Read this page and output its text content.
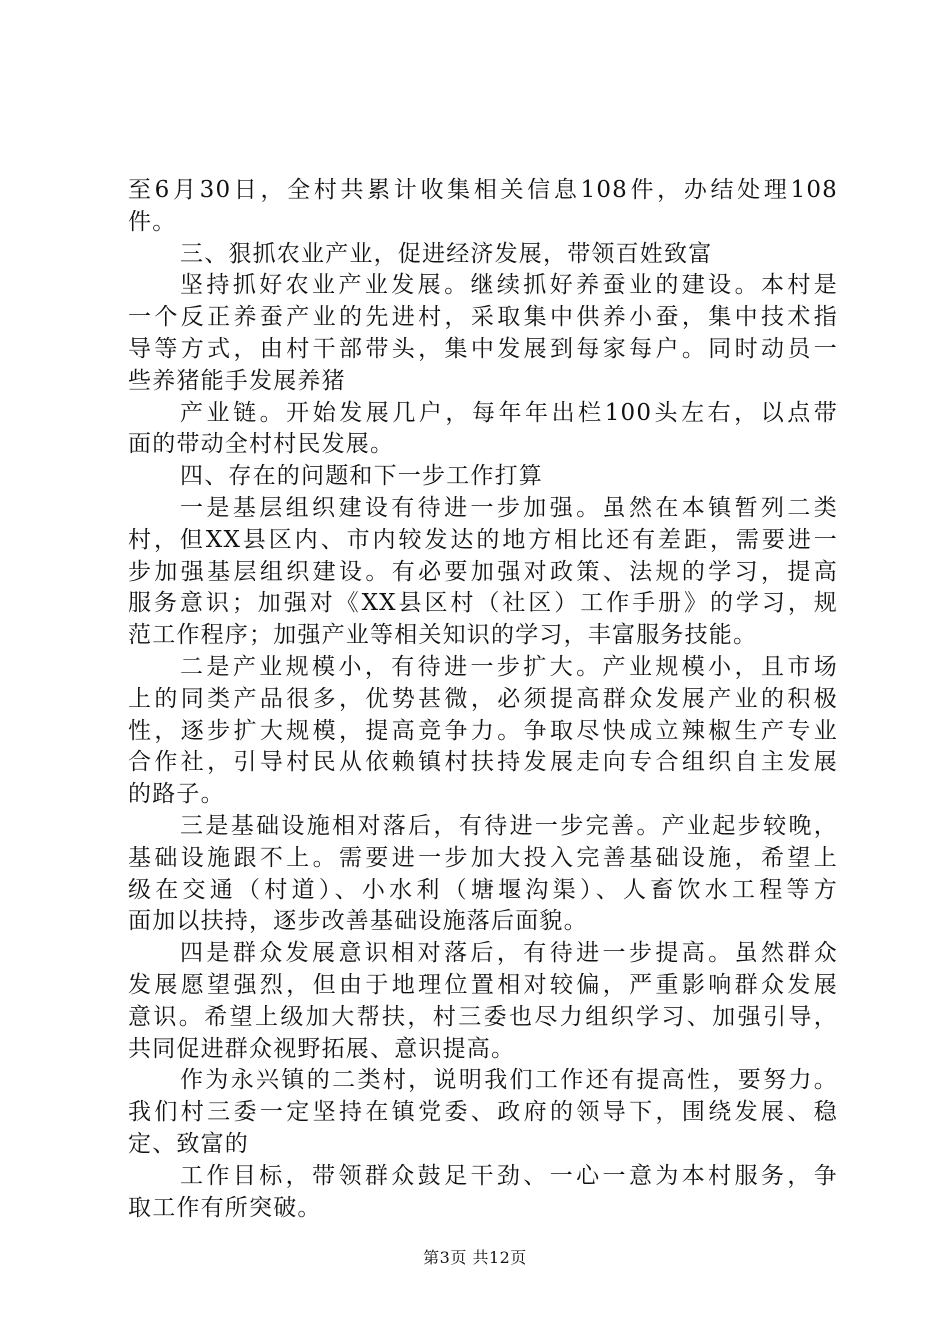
至6月30日，全村共累计收集相关信息108件，办结处理108
件。
三、狠抓农业产业，促进经济发展，带领百姓致富
坚持抓好农业产业发展。继续抓好养蚕业的建设。本村是
一个反正养蚕产业的先进村，采取集中供养小蚕，集中技术指
导等方式，由村干部带头，集中发展到每家每户。同时动员一
些养猪能手发展养猪
产业链。开始发展几户，每年年出栏100头左右，以点带
面的带动全村村民发展。
四、存在的问题和下一步工作打算
一是基层组织建设有待进一步加强。虽然在本镇暂列二类
村，但XX县区内、市内较发达的地方相比还有差距，需要进一
步加强基层组织建设。有必要加强对政策、法规的学习，提高
服务意识；加强对《XX县区村（社区）工作手册》的学习，规
范工作程序；加强产业等相关知识的学习，丰富服务技能。
二是产业规模小，有待进一步扩大。产业规模小，且市场
上的同类产品很多，优势甚微，必须提高群众发展产业的积极
性，逐步扩大规模，提高竞争力。争取尽快成立辣椒生产专业
合作社，引导村民从依赖镇村扶持发展走向专合组织自主发展
的路子。
三是基础设施相对落后，有待进一步完善。产业起步较晚，
基础设施跟不上。需要进一步加大投入完善基础设施，希望上
级在交通（村道）、小水利（塘堰沟渠）、人畜饮水工程等方
面加以扶持，逐步改善基础设施落后面貌。
四是群众发展意识相对落后，有待进一步提高。虽然群众
发展愿望强烈，但由于地理位置相对较偏，严重影响群众发展
意识。希望上级加大帮扶，村三委也尽力组织学习、加强引导，
共同促进群众视野拓展、意识提高。
作为永兴镇的二类村，说明我们工作还有提高性，要努力。
我们村三委一定坚持在镇党委、政府的领导下，围绕发展、稳
定、致富的
工作目标，带领群众鼓足干劲、一心一意为本村服务，争
取工作有所突破。
第3页 共12页
